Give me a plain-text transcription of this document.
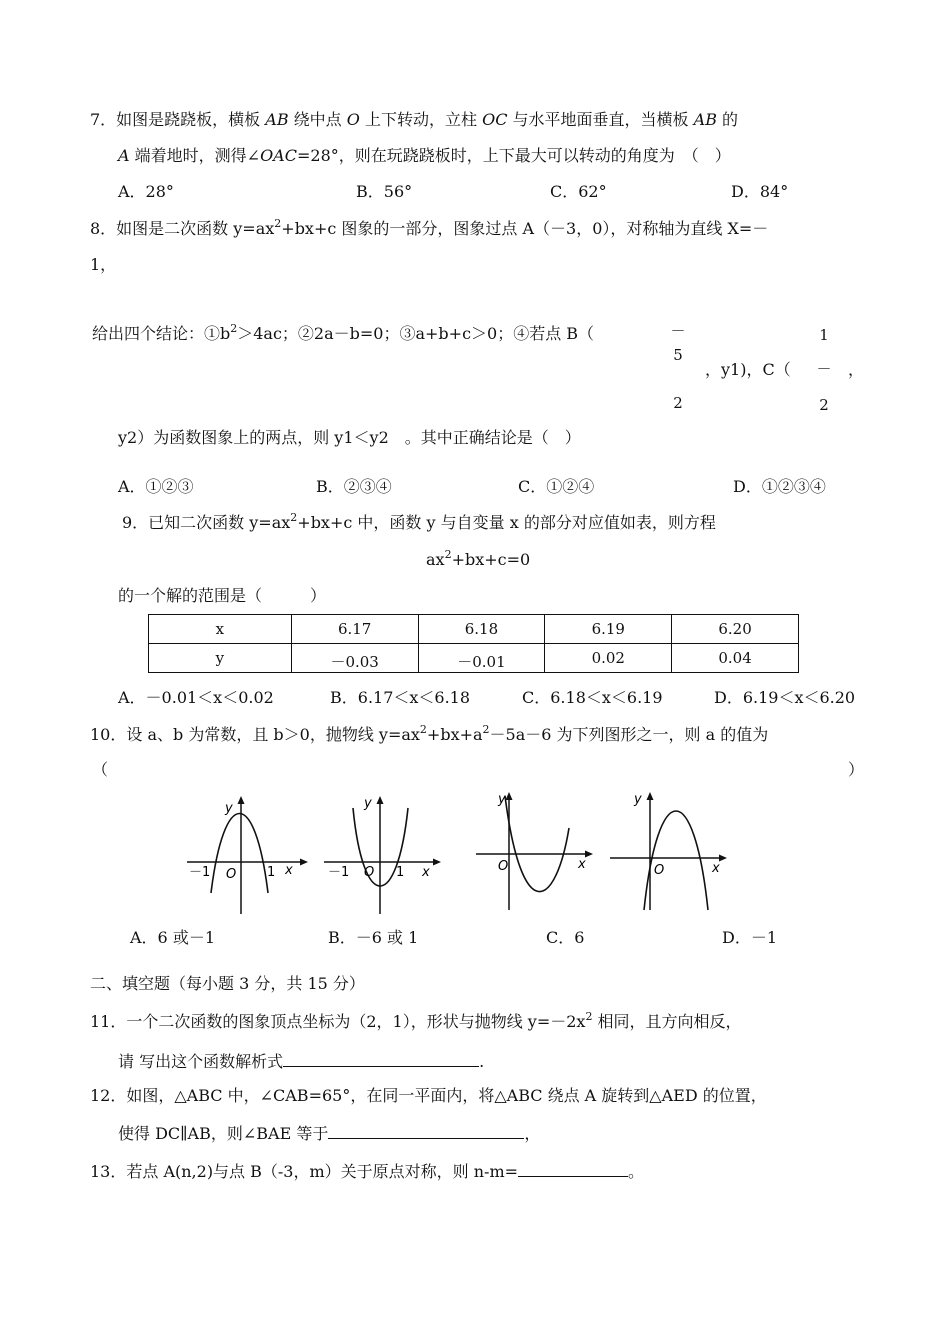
7．如图是跷跷板，横板 AB 绕中点 O 上下转动，立柱 OC 与水平地面垂直，当横板 AB 的
A 端着地时，测得∠OAC=28°，则在玩跷跷板时，上下最大可以转动的角度为　（　）
A．28°	B．56°	C．62°	D．84°
8．如图是二次函数 $y=ax^2+bx+c$ 图象的一部分，图象过点 A（－3，0），对称轴为直线 X=－
1，
给出四个结论：$①b^2>4ac$；②2a－b=0；③a+b+c＞0；④若点 B（	－
5
2
，y1)，C（
1
－
2
，
y2）为函数图象上的两点，则 y1＜y2　。其中正确结论是（　）
A．①②③	B．②③④	C．①②④	D．①②③④
9．已知二次函数 $y=ax^2+bx+c$ 中，函数 y 与自变量 x 的部分对应值如表，则方程
$ax^2+bx+c=0$
的一个解的范围是（　　　）
x	6.17	6.18	6.19	6.20
y	－0.03	－0.01	0.02	0.04
A．－0.01＜x＜0.02	B．6.17＜x＜6.18	C．6.18＜x＜6.19	D．6.19＜x＜6.20
10．设 a、b 为常数，且 b＞0，抛物线 $y=ax^2+bx+a^2-5a-6$ 为下列图形之一，则 a 的值为
（	）
y
x
O
－1	1
y
x
O
－1	1
y
x
O
y
x
O
A．6 或－1	B．－6 或 1	C．6	D．－1
二、填空题（每小题 3 分，共 15 分）
11．一个二次函数的图象顶点坐标为（2，1），形状与抛物线 $y=-2x^2$ 相同，且方向相反，
请 写出这个函数解析式	.
12．如图，△ABC 中，∠CAB=65°，在同一平面内，将△ABC 绕点 A 旋转到△AED 的位置，
使得 DC∥AB，则∠BAE 等于	，
13．若点 A(n,2)与点 B（-3，m）关于原点对称，则 n-m=	。
